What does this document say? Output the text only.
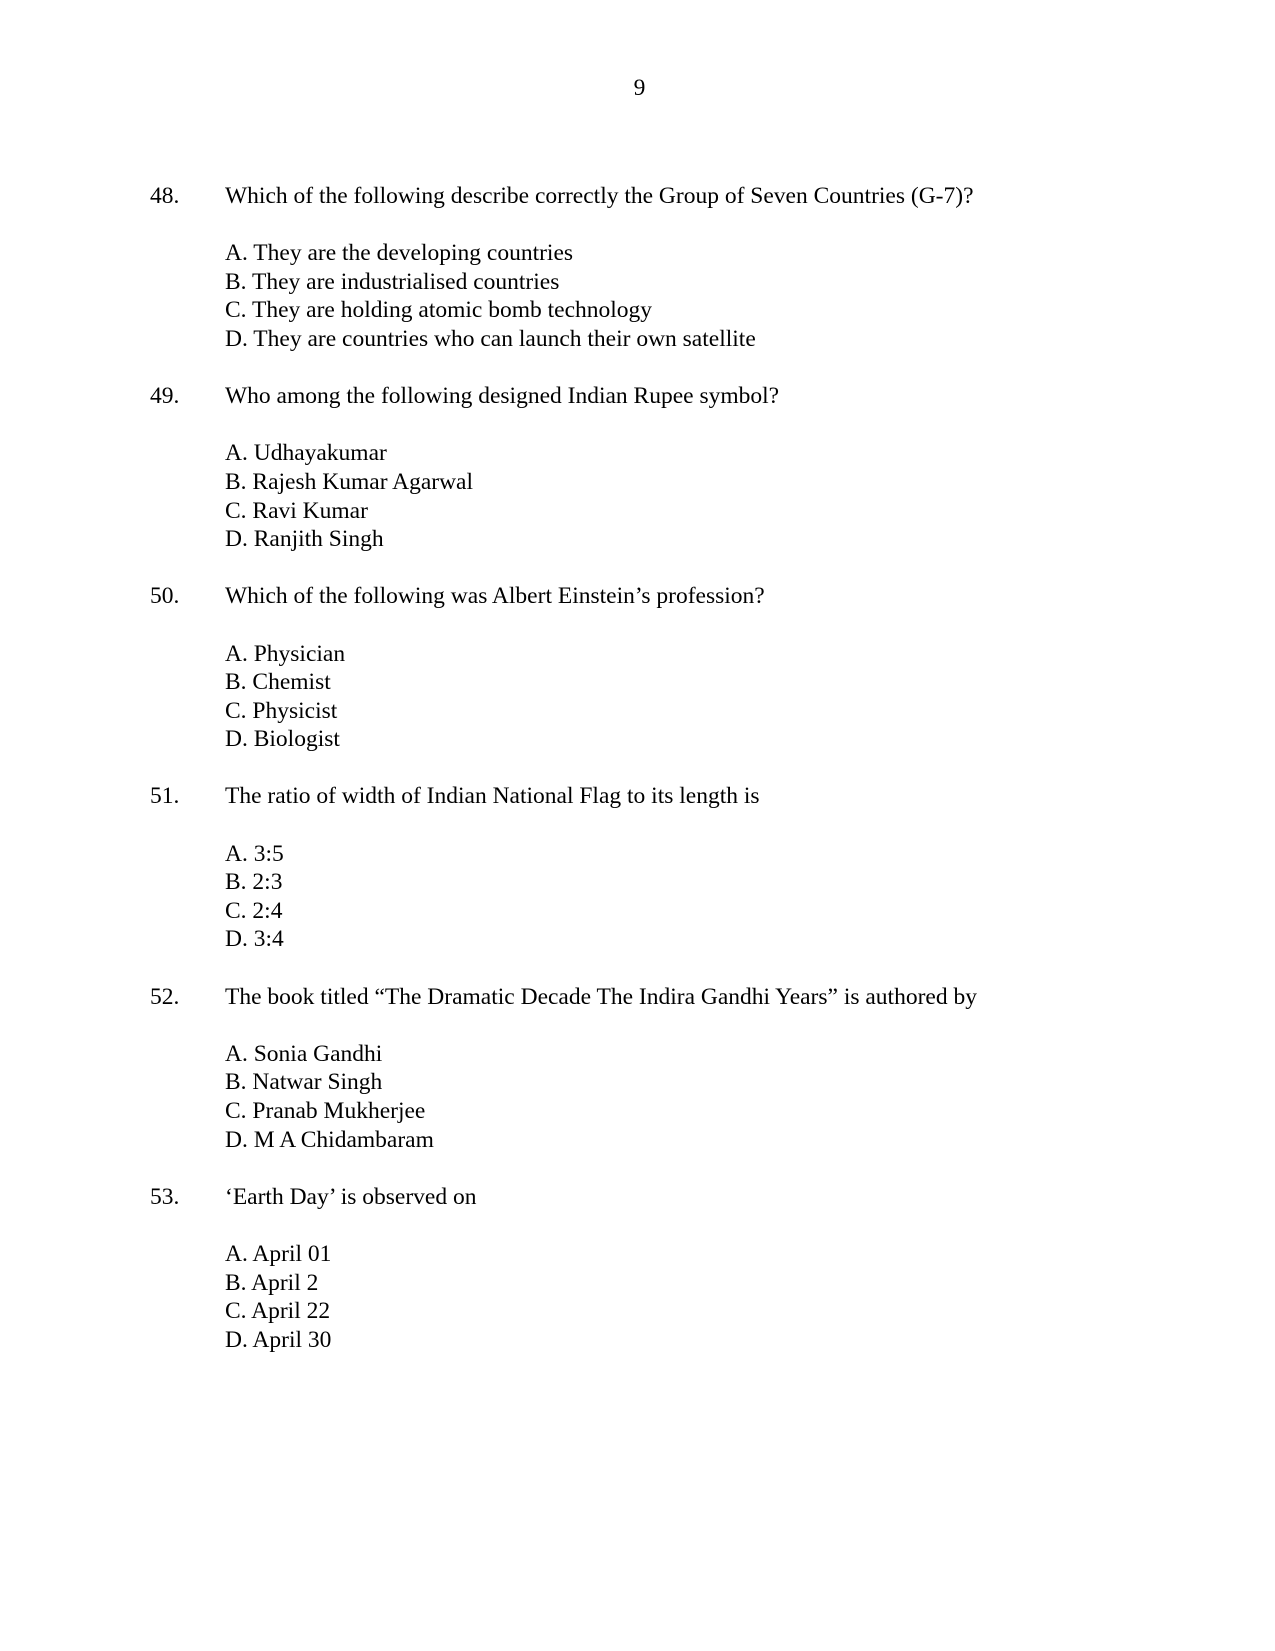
9
48.	Which of the following describe correctly the Group of Seven Countries (G-7)?
A. They are the developing countries
B. They are industrialised countries
C. They are holding atomic bomb technology
D. They are countries who can launch their own satellite
49.	Who among the following designed Indian Rupee symbol?
A. Udhayakumar
B. Rajesh Kumar Agarwal
C. Ravi Kumar
D. Ranjith Singh
50.	Which of the following was Albert Einstein’s profession?
A. Physician
B. Chemist
C. Physicist
D. Biologist
51.	The ratio of width of Indian National Flag to its length is
A. 3:5
B. 2:3
C. 2:4
D. 3:4
52.	The book titled “The Dramatic Decade The Indira Gandhi Years” is authored by
A. Sonia Gandhi
B. Natwar Singh
C. Pranab Mukherjee
D. M A Chidambaram
53.	‘Earth Day’ is observed on
A. April 01
B. April 2
C. April 22
D. April 30
